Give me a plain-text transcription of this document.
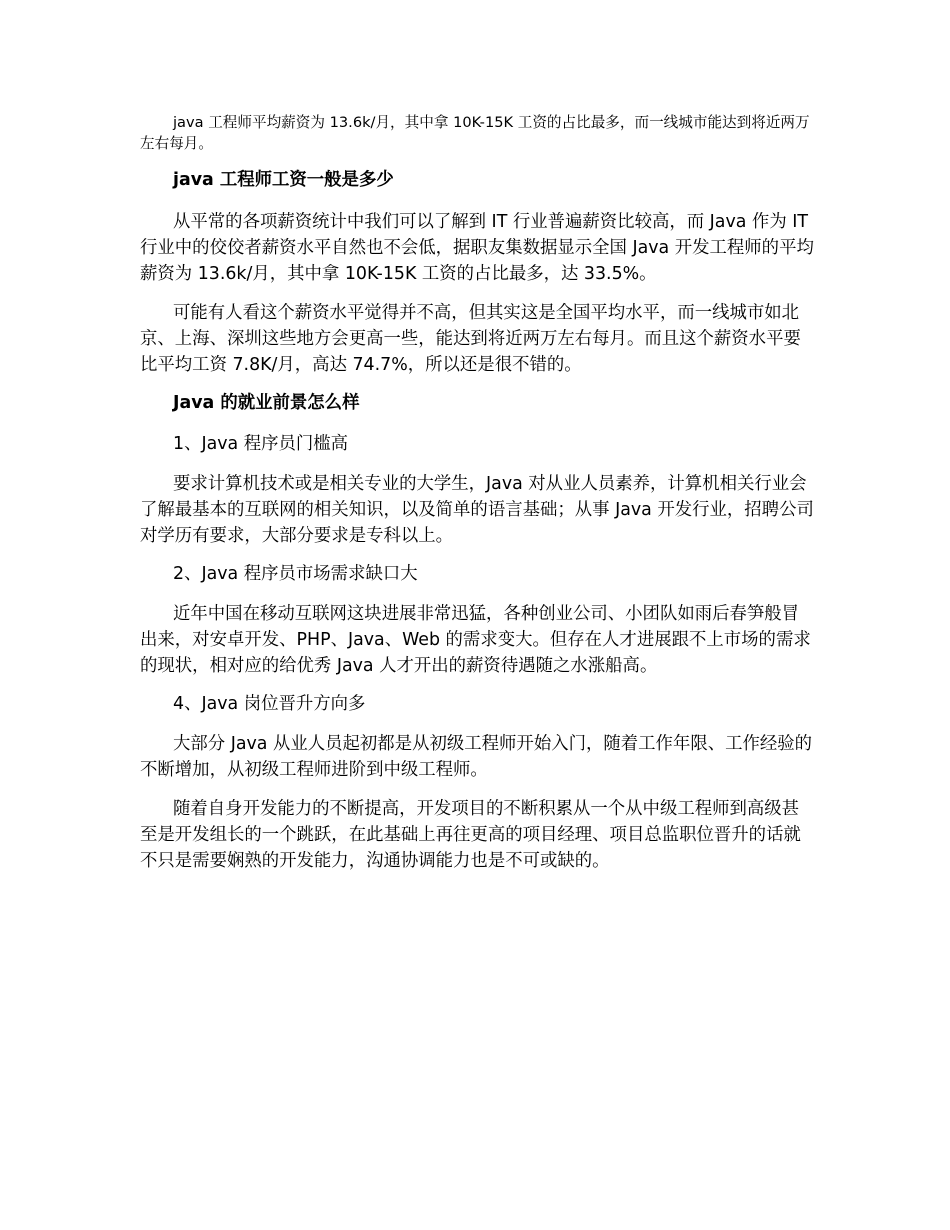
java 工程师平均薪资为 13.6k/月，其中拿 10K-15K 工资的占比最多，而一线城市能达到将近两万左右每月。

java 工程师工资一般是多少

从平常的各项薪资统计中我们可以了解到 IT 行业普遍薪资比较高，而 Java 作为 IT 行业中的佼佼者薪资水平自然也不会低，据职友集数据显示全国 Java 开发工程师的平均薪资为 13.6k/月，其中拿 10K-15K 工资的占比最多，达 33.5%。

可能有人看这个薪资水平觉得并不高，但其实这是全国平均水平，而一线城市如北京、上海、深圳这些地方会更高一些，能达到将近两万左右每月。而且这个薪资水平要比平均工资 7.8K/月，高达 74.7%，所以还是很不错的。

Java 的就业前景怎么样

1、Java 程序员门槛高

要求计算机技术或是相关专业的大学生，Java 对从业人员素养，计算机相关行业会了解最基本的互联网的相关知识，以及简单的语言基础；从事 Java 开发行业，招聘公司对学历有要求，大部分要求是专科以上。

2、Java 程序员市场需求缺口大

近年中国在移动互联网这块进展非常迅猛，各种创业公司、小团队如雨后春笋般冒出来，对安卓开发、PHP、Java、Web 的需求变大。但存在人才进展跟不上市场的需求的现状，相对应的给优秀 Java 人才开出的薪资待遇随之水涨船高。

4、Java 岗位晋升方向多

大部分 Java 从业人员起初都是从初级工程师开始入门，随着工作年限、工作经验的不断增加，从初级工程师进阶到中级工程师。

随着自身开发能力的不断提高，开发项目的不断积累从一个从中级工程师到高级甚至是开发组长的一个跳跃，在此基础上再往更高的项目经理、项目总监职位晋升的话就不只是需要娴熟的开发能力，沟通协调能力也是不可或缺的。
